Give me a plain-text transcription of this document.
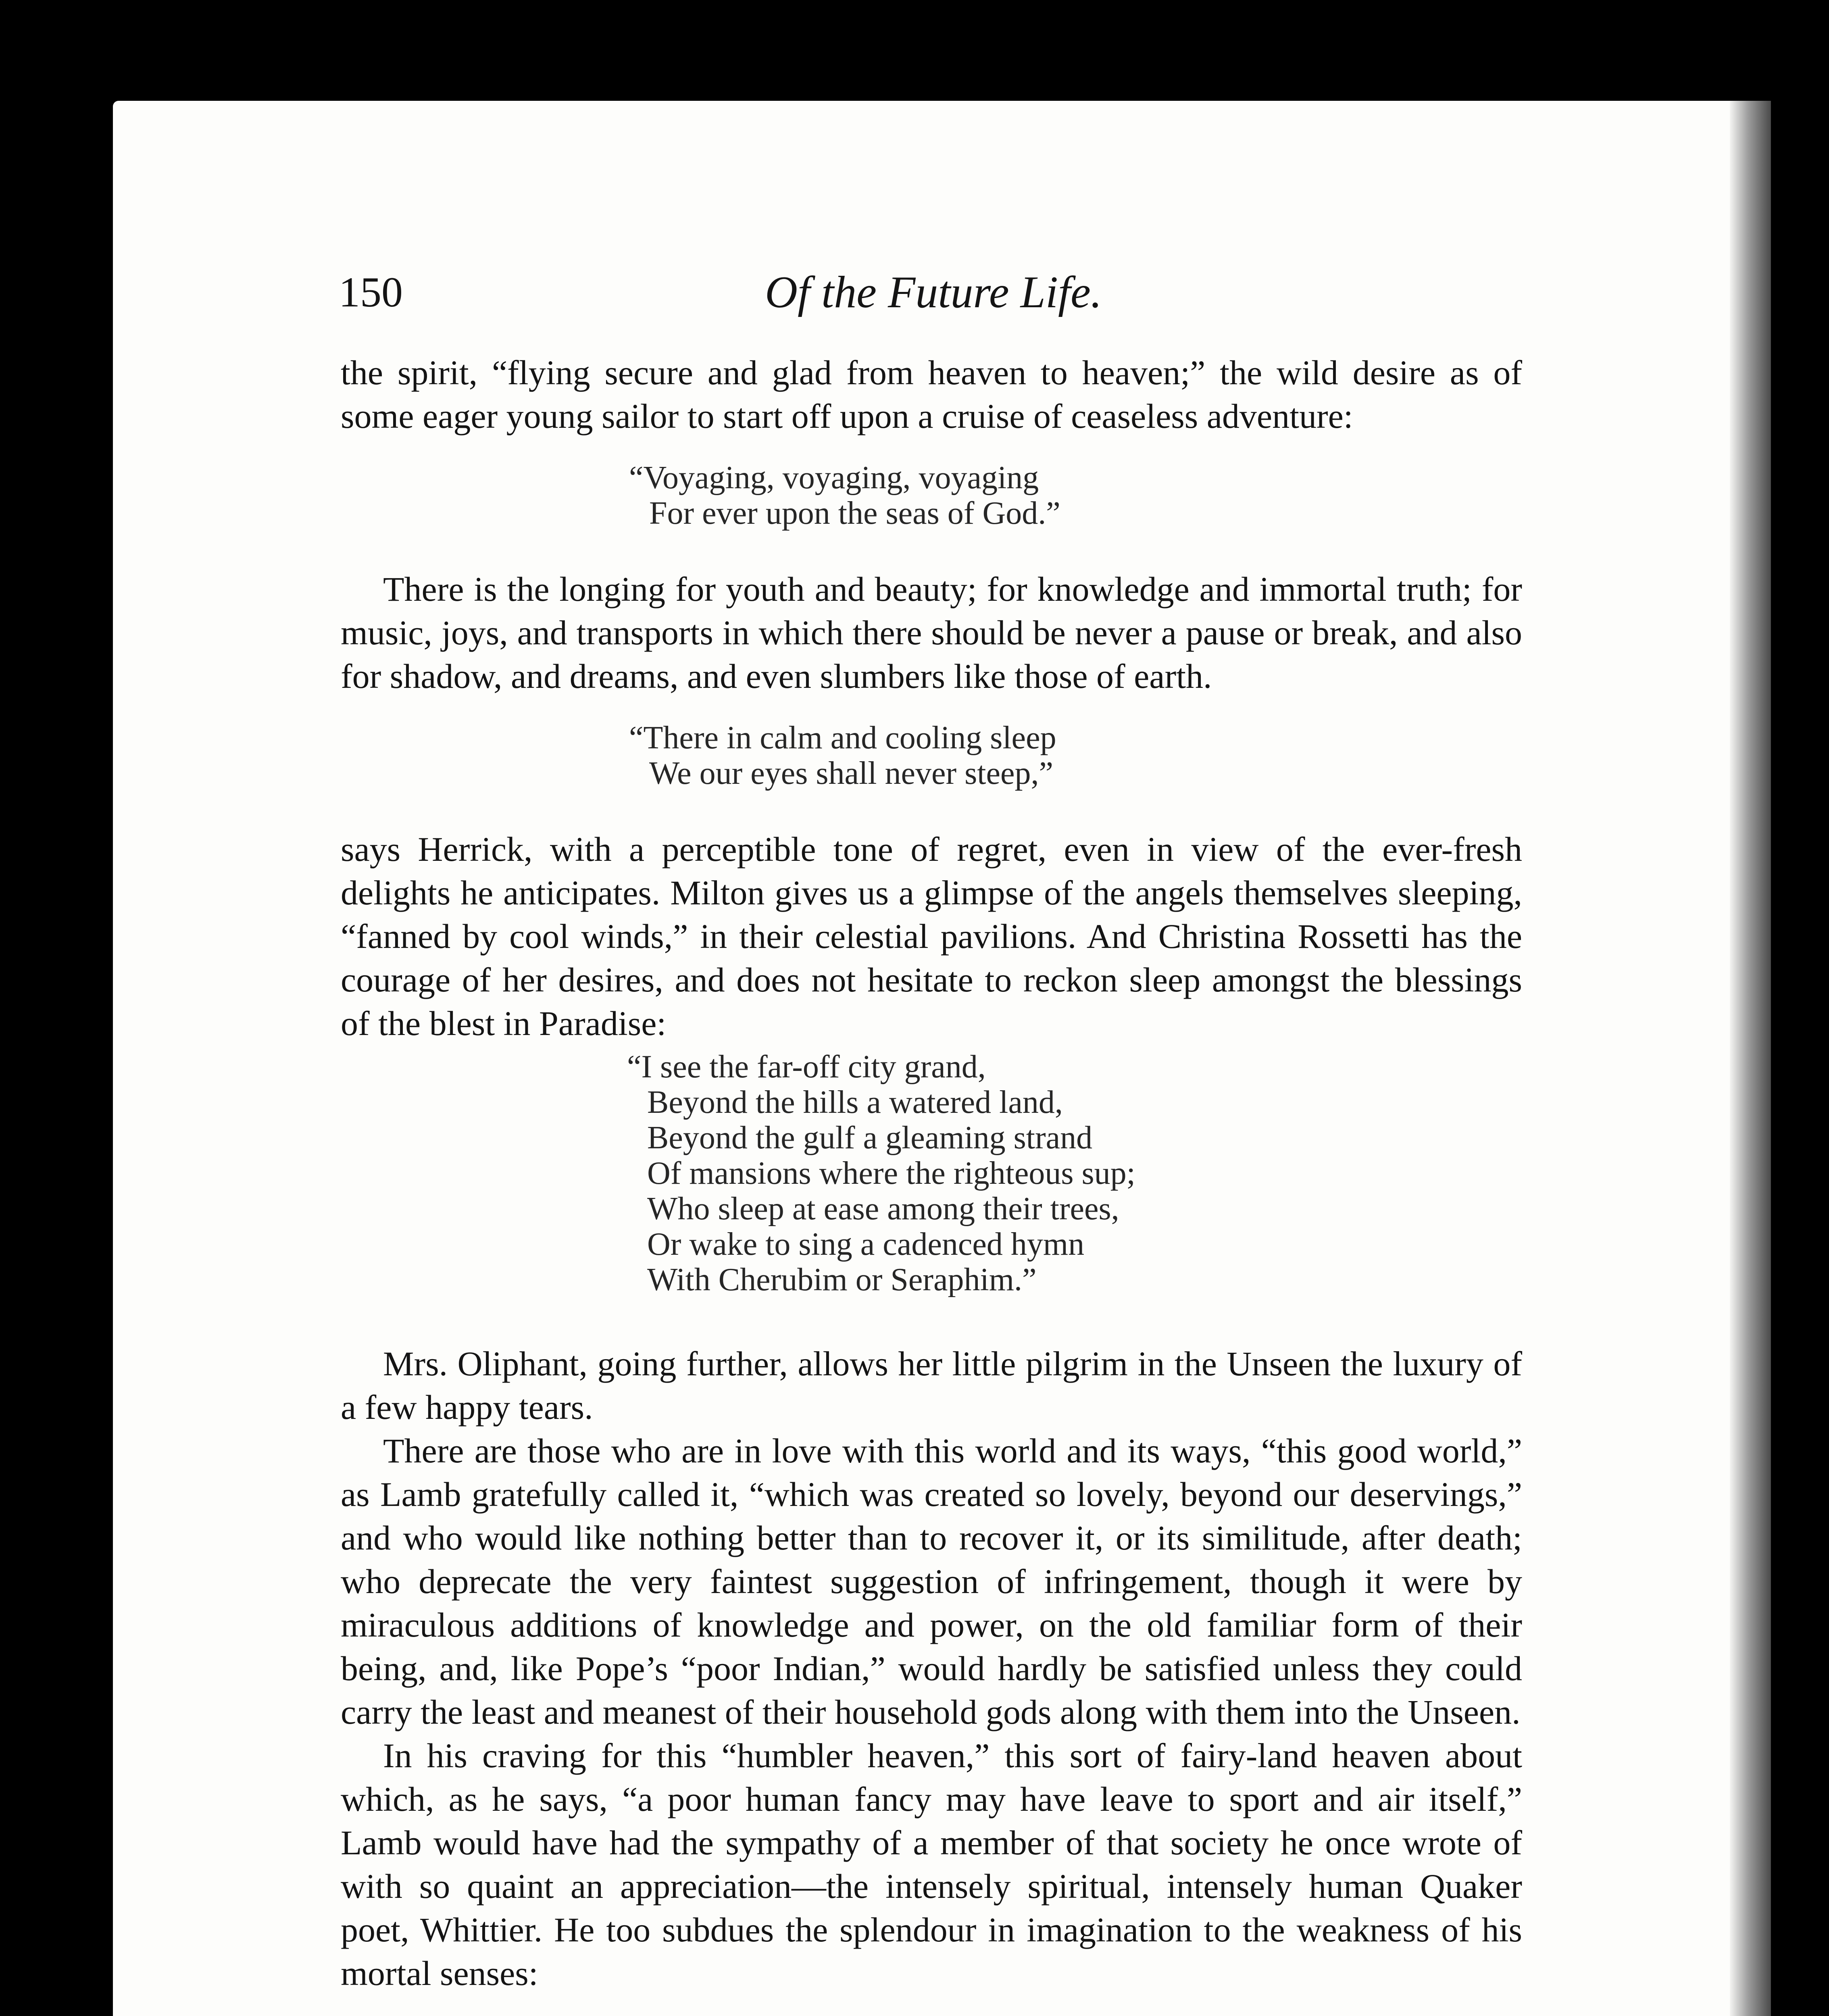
150	Of the Future Life.

the spirit, “flying secure and glad from heaven to heaven;” the wild desire as of some eager young sailor to start off upon a cruise of ceaseless adventure:

“Voyaging, voyaging, voyaging
For ever upon the seas of God.”

There is the longing for youth and beauty; for knowledge and immortal truth; for music, joys, and transports in which there should be never a pause or break, and also for shadow, and dreams, and even slumbers like those of earth.

“There in calm and cooling sleep
We our eyes shall never steep,”

says Herrick, with a perceptible tone of regret, even in view of the ever-fresh delights he anticipates. Milton gives us a glimpse of the angels themselves sleeping, “fanned by cool winds,” in their celestial pavilions. And Christina Rossetti has the courage of her desires, and does not hesitate to reckon sleep amongst the blessings of the blest in Paradise:

“I see the far-off city grand,
Beyond the hills a watered land,
Beyond the gulf a gleaming strand
Of mansions where the righteous sup;
Who sleep at ease among their trees,
Or wake to sing a cadenced hymn
With Cherubim or Seraphim.”

Mrs. Oliphant, going further, allows her little pilgrim in the Unseen the luxury of a few happy tears.

There are those who are in love with this world and its ways, “this good world,” as Lamb gratefully called it, “which was created so lovely, beyond our deservings,” and who would like nothing better than to recover it, or its similitude, after death; who deprecate the very faintest suggestion of infringement, though it were by miraculous additions of knowledge and power, on the old familiar form of their being, and, like Pope’s “poor Indian,” would hardly be satisfied unless they could carry the least and meanest of their household gods along with them into the Unseen.

In his craving for this “humbler heaven,” this sort of fairy-land heaven about which, as he says, “a poor human fancy may have leave to sport and air itself,” Lamb would have had the sympathy of a member of that society he once wrote of with so quaint an appreciation—the intensely spiritual, intensely human Quaker poet, Whittier. He too subdues the splendour in imagination to the weakness of his mortal senses:
